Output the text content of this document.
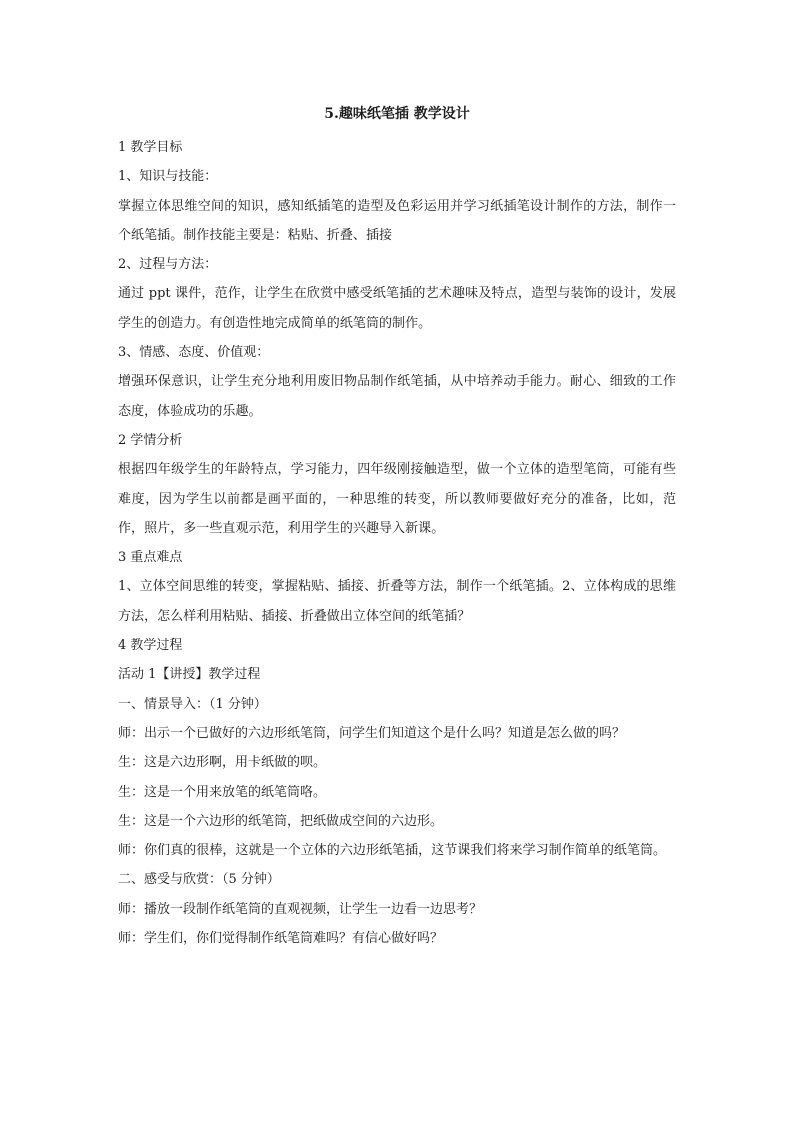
5.趣味纸笔插 教学设计

1 教学目标

1、知识与技能：

掌握立体思维空间的知识，感知纸插笔的造型及色彩运用并学习纸插笔设计制作的方法，制作一个纸笔插。制作技能主要是：粘贴、折叠、插接

2、过程与方法：

通过 ppt 课件，范作，让学生在欣赏中感受纸笔插的艺术趣味及特点，造型与装饰的设计，发展学生的创造力。有创造性地完成简单的纸笔筒的制作。

3、情感、态度、价值观：

增强环保意识，让学生充分地利用废旧物品制作纸笔插，从中培养动手能力。耐心、细致的工作态度，体验成功的乐趣。

2 学情分析

根据四年级学生的年龄特点，学习能力，四年级刚接触造型，做一个立体的造型笔筒，可能有些难度，因为学生以前都是画平面的，一种思维的转变，所以教师要做好充分的准备，比如，范作，照片，多一些直观示范，利用学生的兴趣导入新课。

3 重点难点

1、立体空间思维的转变，掌握粘贴、插接、折叠等方法，制作一个纸笔插。2、立体构成的思维方法，怎么样利用粘贴、插接、折叠做出立体空间的纸笔插？

4 教学过程

活动 1【讲授】教学过程

一、情景导入：（1 分钟）

师：出示一个已做好的六边形纸笔筒，问学生们知道这个是什么吗？知道是怎么做的吗？

生：这是六边形啊，用卡纸做的呗。

生：这是一个用来放笔的纸笔筒咯。

生：这是一个六边形的纸笔筒，把纸做成空间的六边形。

师：你们真的很棒，这就是一个立体的六边形纸笔插，这节课我们将来学习制作简单的纸笔筒。

二、感受与欣赏：（5 分钟）

师：播放一段制作纸笔筒的直观视频，让学生一边看一边思考？

师：学生们，你们觉得制作纸笔筒难吗？有信心做好吗？
